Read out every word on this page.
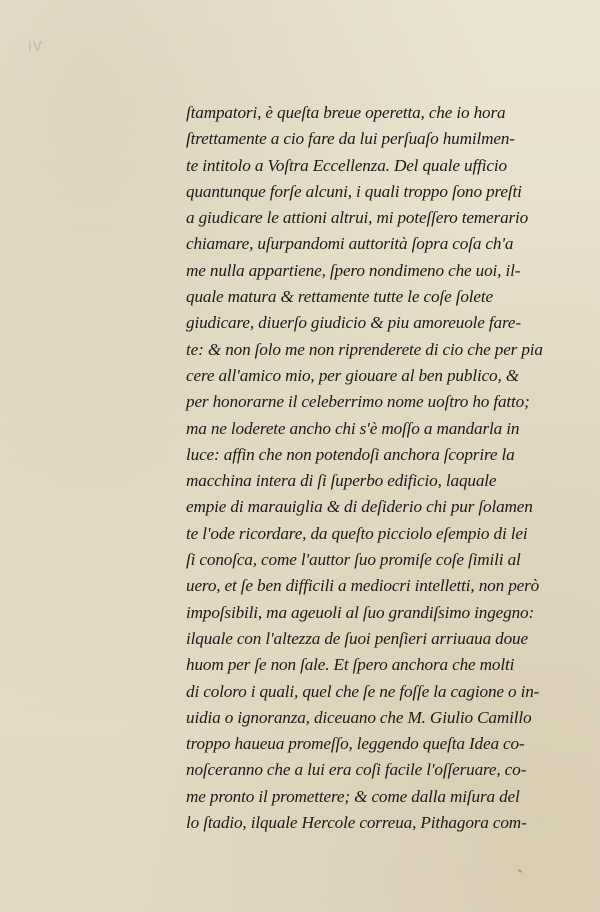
IV
ſtampatori, è queſta breue operetta, che io hora
ſtrettamente a cio fare da lui perſuaſo humilmen-
te intitolo a Voſtra Eccellenza. Del quale ufficio
quantunque forſe alcuni, i quali troppo ſono preſti
a giudicare le attioni altrui, mi poteſſero temerario
chiamare, uſurpandomi auttorità ſopra coſa ch'a
me nulla appartiene, ſpero nondimeno che uoi, il-
quale matura & rettamente tutte le coſe ſolete
giudicare, diuerſo giudicio & piu amoreuole fare-
te: & non ſolo me non riprenderete di cio che per pia
cere all'amico mio, per giouare al ben publico, &
per honorarne il celeberrimo nome uoſtro ho fatto;
ma ne loderete ancho chi s'è moſſo a mandarla in
luce: affin che non potendoſi anchora ſcoprire la
macchina intera di ſi ſuperbo edificio, laquale
empie di marauiglia & di deſiderio chi pur ſolamen
te l'ode ricordare, da queſto picciolo eſempio di lei
ſi conoſca, come l'auttor ſuo promiſe coſe ſimili al
uero, et ſe ben difficili a mediocri intelletti, non però
impoſsibili, ma ageuoli al ſuo grandiſsimo ingegno:
ilquale con l'altezza de ſuoi penſieri arriuaua doue
huom per ſe non ſale. Et ſpero anchora che molti
di coloro i quali, quel che ſe ne foſſe la cagione o in-
uidia o ignoranza, diceuano che M. Giulio Camillo
troppo haueua promeſſo, leggendo queſta Idea co-
noſceranno che a lui era coſi facile l'oſſeruare, co-
me pronto il promettere; & come dalla miſura del
lo ſtadio, ilquale Hercole correua, Pithagora com-
